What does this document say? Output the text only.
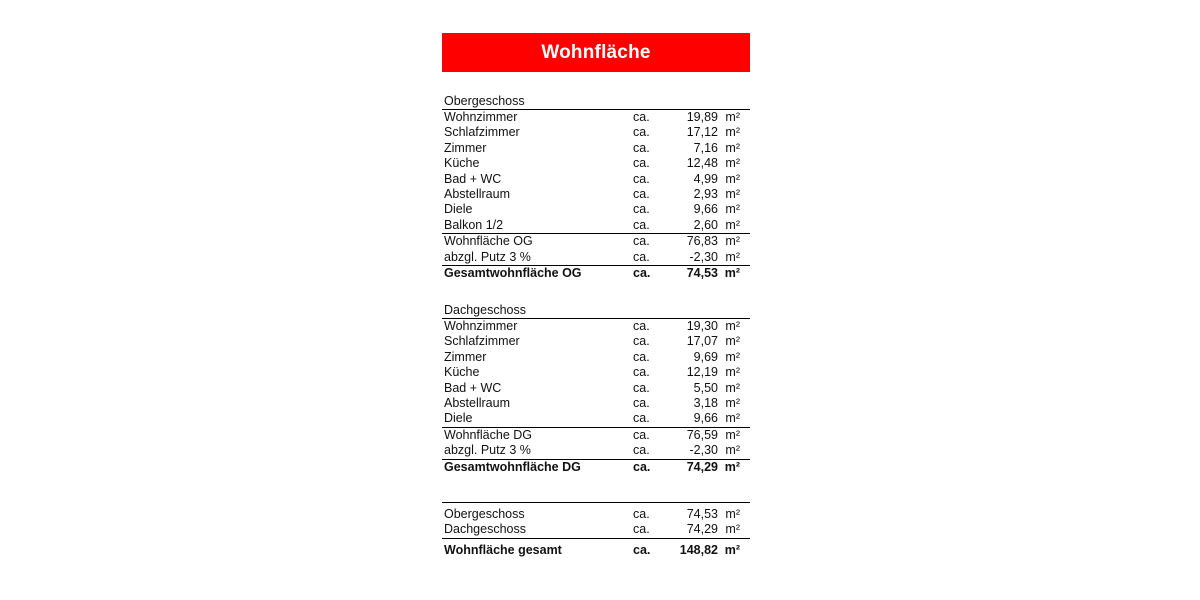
Wohnfläche
Obergeschoss
Wohnzimmer	ca.	19,89 m²
Schlafzimmer	ca.	17,12 m²
Zimmer	ca.	7,16 m²
Küche	ca.	12,48 m²
Bad + WC	ca.	4,99 m²
Abstellraum	ca.	2,93 m²
Diele	ca.	9,66 m²
Balkon 1/2	ca.	2,60 m²
Wohnfläche OG	ca.	76,83 m²
abzgl. Putz 3 %	ca.	-2,30 m²
Gesamtwohnfläche OG	ca.	74,53 m²
Dachgeschoss
Wohnzimmer	ca.	19,30 m²
Schlafzimmer	ca.	17,07 m²
Zimmer	ca.	9,69 m²
Küche	ca.	12,19 m²
Bad + WC	ca.	5,50 m²
Abstellraum	ca.	3,18 m²
Diele	ca.	9,66 m²
Wohnfläche DG	ca.	76,59 m²
abzgl. Putz 3 %	ca.	-2,30 m²
Gesamtwohnfläche DG	ca.	74,29 m²
Obergeschoss	ca.	74,53 m²
Dachgeschoss	ca.	74,29 m²
Wohnfläche gesamt	ca. 148,82 m²
